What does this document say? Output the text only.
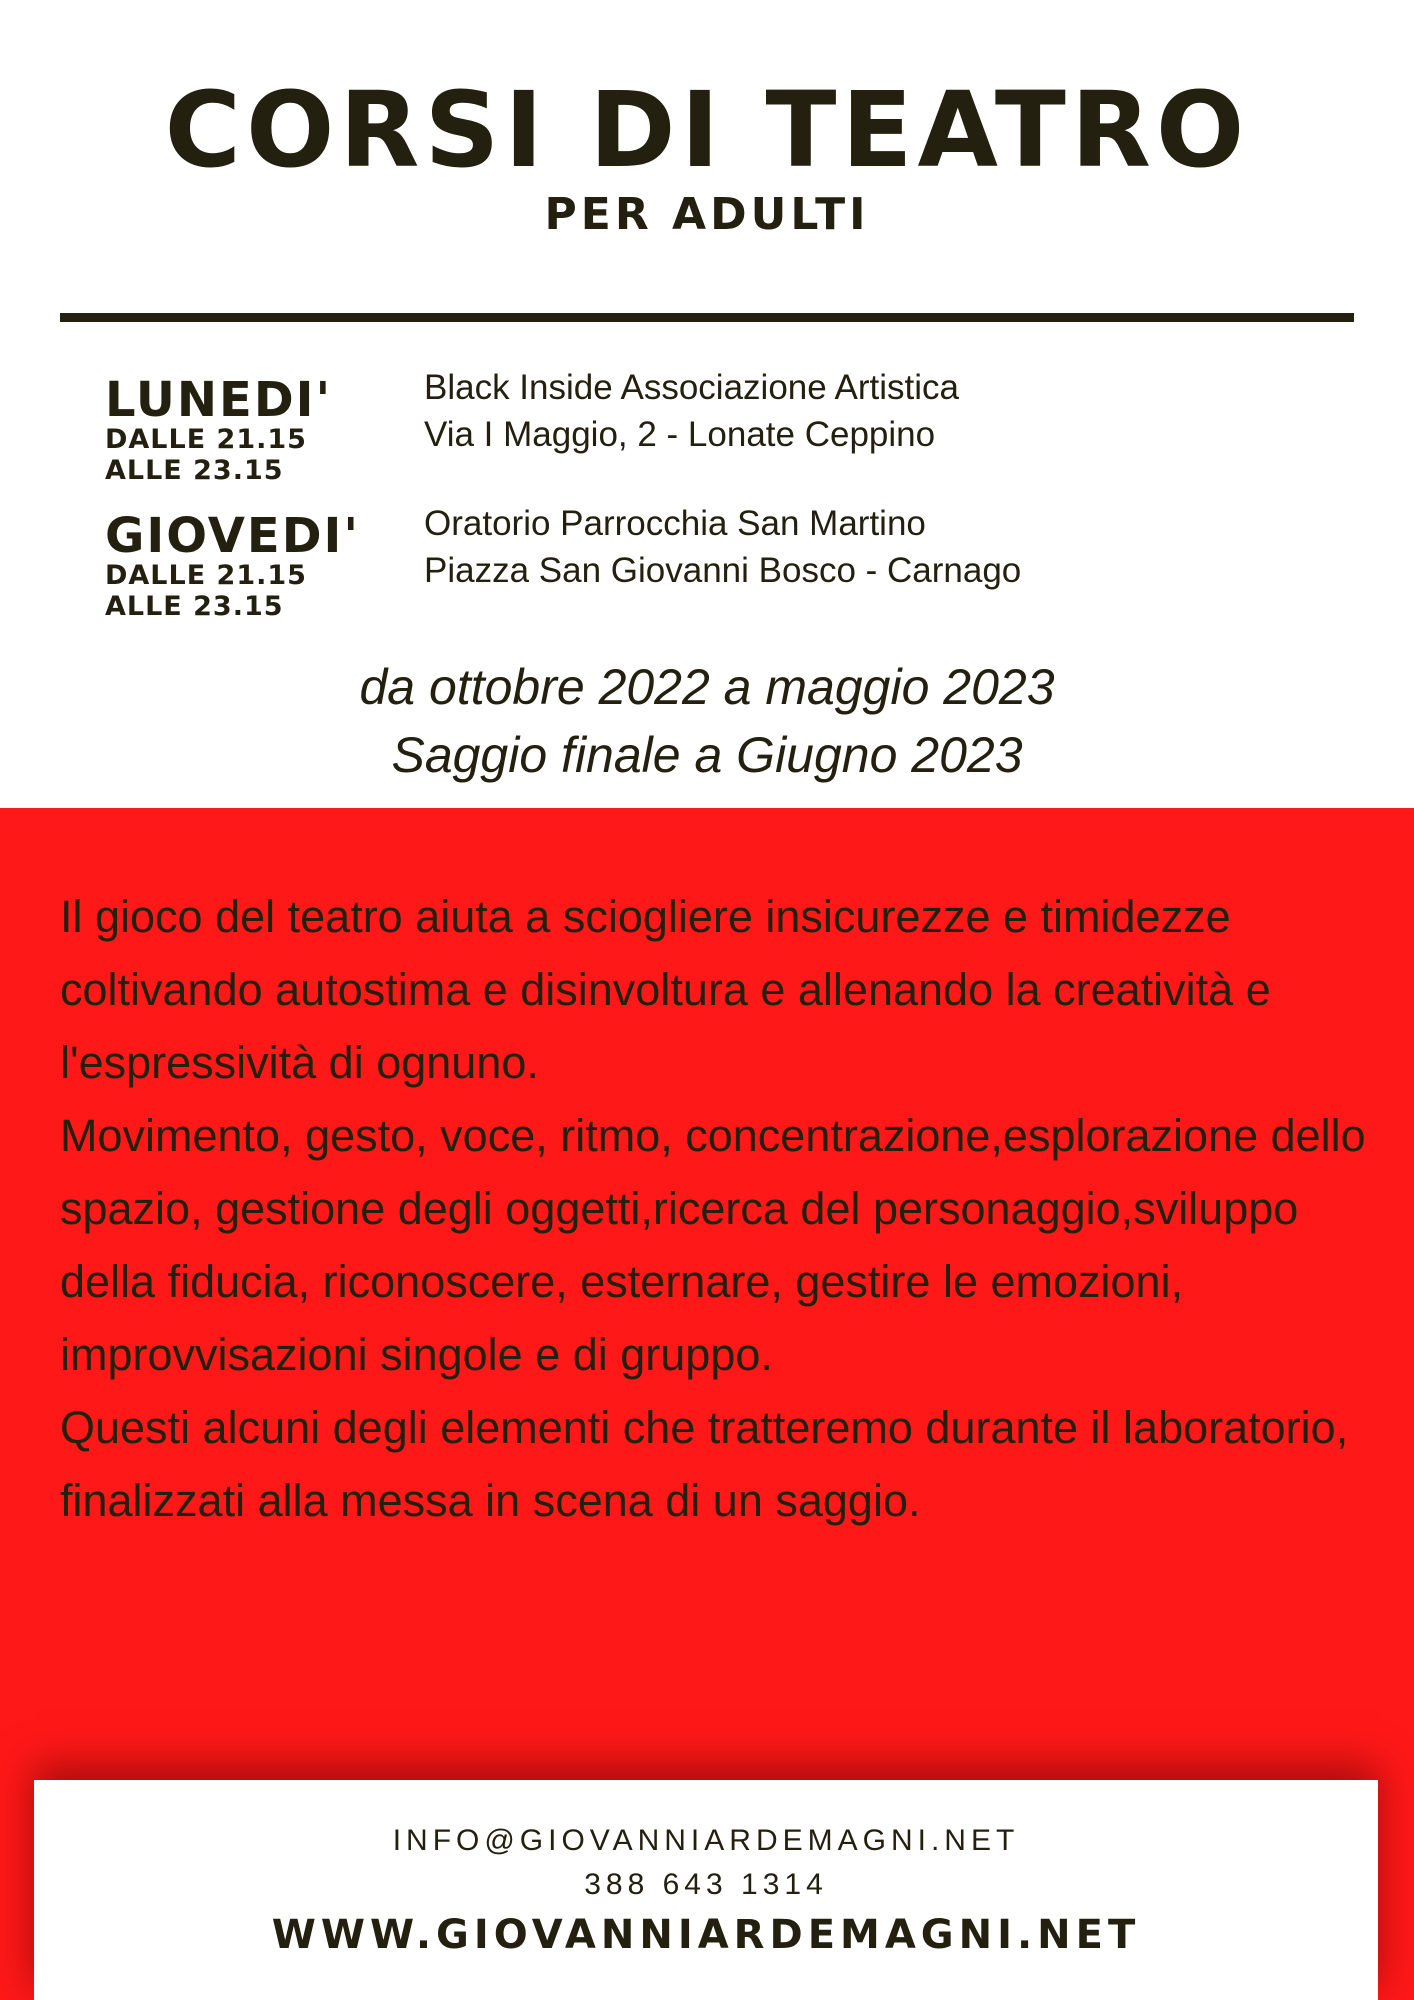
CORSI DI TEATRO
PER ADULTI
LUNEDI'
DALLE 21.15
ALLE 23.15
Black Inside Associazione Artistica
Via I Maggio, 2 - Lonate Ceppino
GIOVEDI'
DALLE 21.15
ALLE 23.15
Oratorio Parrocchia San Martino
Piazza San Giovanni Bosco - Carnago
da ottobre 2022 a maggio 2023
Saggio finale a Giugno 2023

Il gioco del teatro aiuta a sciogliere insicurezze e timidezze coltivando autostima e disinvoltura e allenando la creatività e l'espressività di ognuno.

Movimento, gesto, voce, ritmo, concentrazione,esplorazione dello spazio, gestione degli oggetti,ricerca del personaggio,sviluppo della fiducia, riconoscere, esternare, gestire le emozioni, improvvisazioni singole e di gruppo.

Questi alcuni degli elementi che tratteremo durante il laboratorio, finalizzati alla messa in scena di un saggio.

INFO@GIOVANNIARDEMAGNI.NET
388 643 1314
WWW.GIOVANNIARDEMAGNI.NET
